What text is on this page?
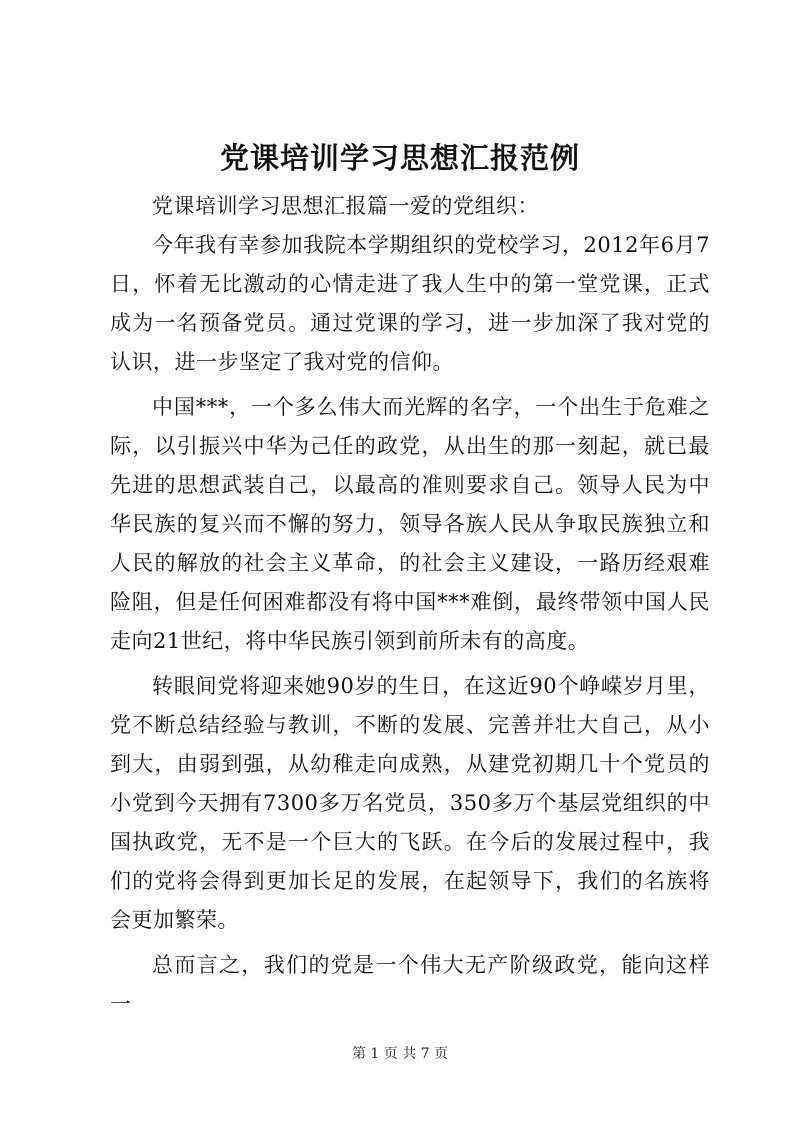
党课培训学习思想汇报范例

党课培训学习思想汇报篇一爱的党组织：

今年我有幸参加我院本学期组织的党校学习，2012年6月7日，怀着无比激动的心情走进了我人生中的第一堂党课，正式成为一名预备党员。通过党课的学习，进一步加深了我对党的认识，进一步坚定了我对党的信仰。

中国***，一个多么伟大而光辉的名字，一个出生于危难之际，以引振兴中华为己任的政党，从出生的那一刻起，就已最先进的思想武装自己，以最高的准则要求自己。领导人民为中华民族的复兴而不懈的努力，领导各族人民从争取民族独立和人民的解放的社会主义革命，的社会主义建设，一路历经艰难险阻，但是任何困难都没有将中国***难倒，最终带领中国人民走向21世纪，将中华民族引领到前所未有的高度。

转眼间党将迎来她90岁的生日，在这近90个峥嵘岁月里，党不断总结经验与教训，不断的发展、完善并壮大自己，从小到大，由弱到强，从幼稚走向成熟，从建党初期几十个党员的小党到今天拥有7300多万名党员，350多万个基层党组织的中国执政党，无不是一个巨大的飞跃。在今后的发展过程中，我们的党将会得到更加长足的发展，在起领导下，我们的名族将会更加繁荣。

总而言之，我们的党是一个伟大无产阶级政党，能向这样一

第 1 页 共 7 页
